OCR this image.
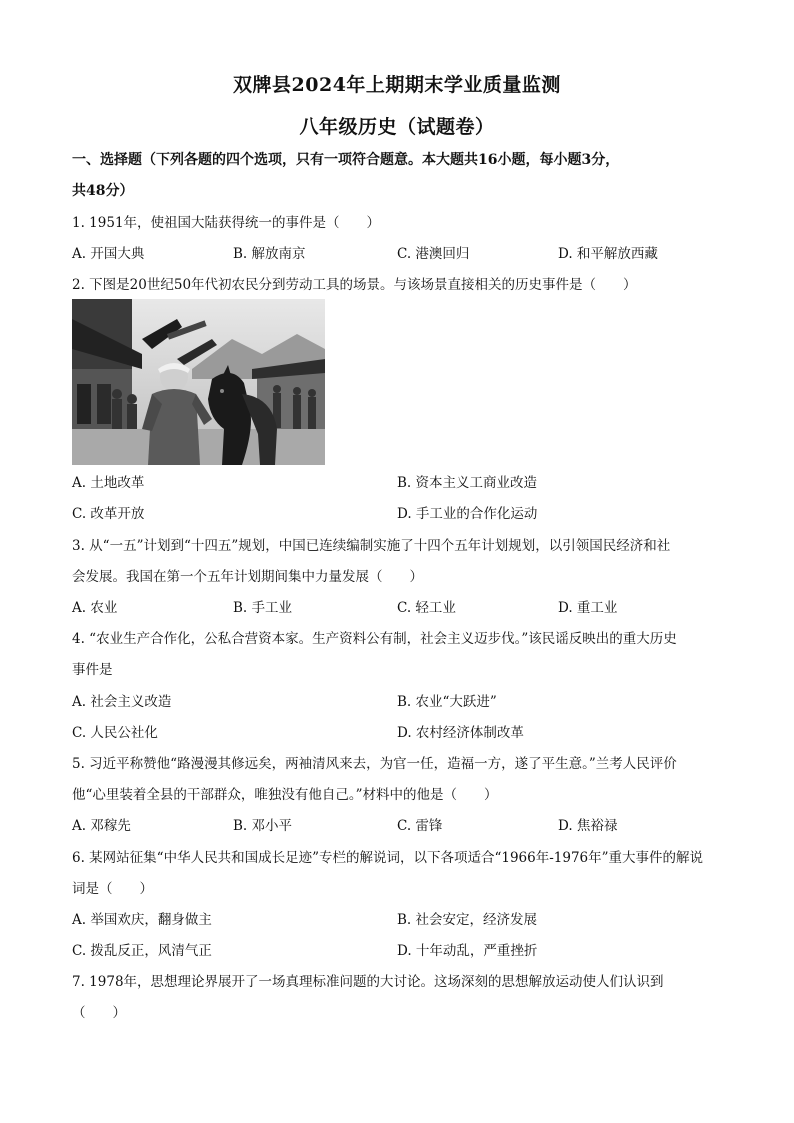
双牌县2024年上期期末学业质量监测
八年级历史（试题卷）
一、选择题（下列各题的四个选项，只有一项符合题意。本大题共16小题，每小题3分，
共48分）
1. 1951年，使祖国大陆获得统一的事件是（　　）
A. 开国大典	B. 解放南京	C. 港澳回归	D. 和平解放西藏
2. 下图是20世纪50年代初农民分到劳动工具的场景。与该场景直接相关的历史事件是（　　）
A. 土地改革	B. 资本主义工商业改造
C. 改革开放	D. 手工业的合作化运动
3. 从“一五”计划到“十四五”规划，中国已连续编制实施了十四个五年计划规划，以引领国民经济和社
会发展。我国在第一个五年计划期间集中力量发展（　　）
A. 农业	B. 手工业	C. 轻工业	D. 重工业
4. “农业生产合作化，公私合营资本家。生产资料公有制，社会主义迈步伐。”该民谣反映出的重大历史
事件是
A. 社会主义改造	B. 农业“大跃进”
C. 人民公社化	D. 农村经济体制改革
5. 习近平称赞他“路漫漫其修远矣，两袖清风来去，为官一任，造福一方，遂了平生意。”兰考人民评价
他“心里装着全县的干部群众，唯独没有他自己。”材料中的他是（　　）
A. 邓稼先	B. 邓小平	C. 雷锋	D. 焦裕禄
6. 某网站征集“中华人民共和国成长足迹”专栏的解说词，以下各项适合“1966年-1976年”重大事件的解说
词是（　　）
A. 举国欢庆，翻身做主	B. 社会安定，经济发展
C. 拨乱反正，风清气正	D. 十年动乱，严重挫折
7. 1978年，思想理论界展开了一场真理标准问题的大讨论。这场深刻的思想解放运动使人们认识到
（　　）
